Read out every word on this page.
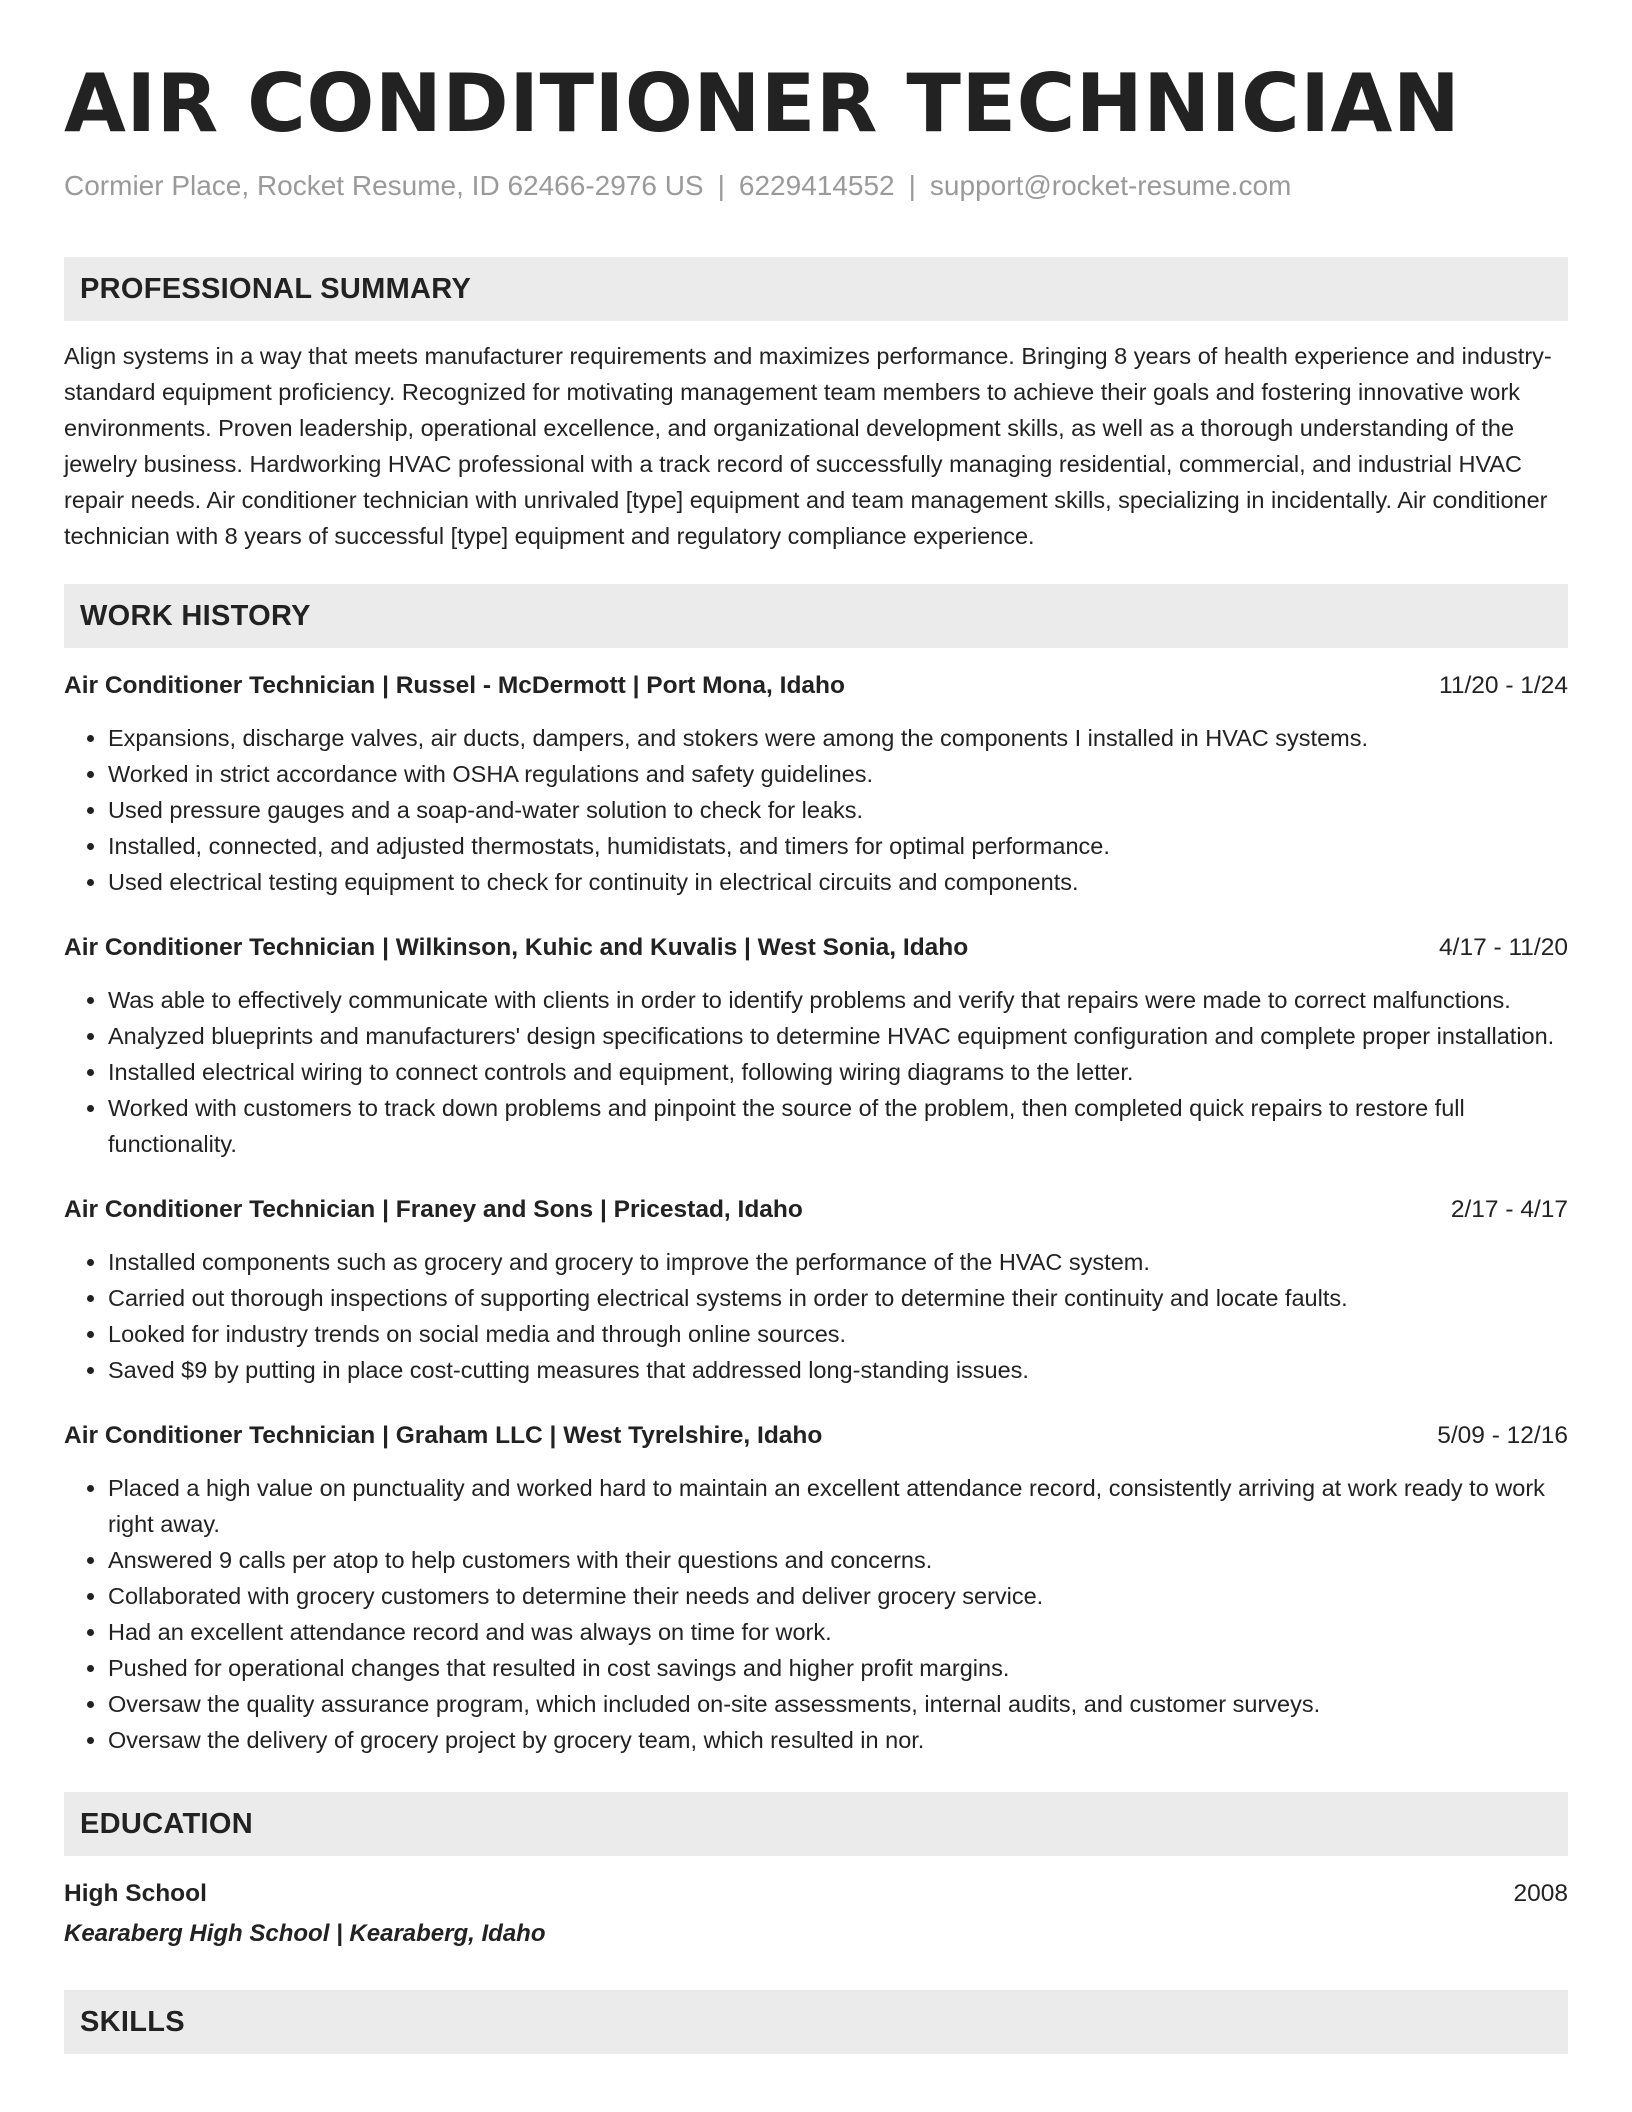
AIR CONDITIONER TECHNICIAN
Cormier Place, Rocket Resume, ID 62466-2976 US | 6229414552 | support@rocket-resume.com
PROFESSIONAL SUMMARY
Align systems in a way that meets manufacturer requirements and maximizes performance. Bringing 8 years of health experience and industry-standard equipment proficiency. Recognized for motivating management team members to achieve their goals and fostering innovative work environments. Proven leadership, operational excellence, and organizational development skills, as well as a thorough understanding of the jewelry business. Hardworking HVAC professional with a track record of successfully managing residential, commercial, and industrial HVAC repair needs. Air conditioner technician with unrivaled [type] equipment and team management skills, specializing in incidentally. Air conditioner technician with 8 years of successful [type] equipment and regulatory compliance experience.
WORK HISTORY
Air Conditioner Technician | Russel - McDermott | Port Mona, Idaho	11/20 - 1/24
• Expansions, discharge valves, air ducts, dampers, and stokers were among the components I installed in HVAC systems.
• Worked in strict accordance with OSHA regulations and safety guidelines.
• Used pressure gauges and a soap-and-water solution to check for leaks.
• Installed, connected, and adjusted thermostats, humidistats, and timers for optimal performance.
• Used electrical testing equipment to check for continuity in electrical circuits and components.
Air Conditioner Technician | Wilkinson, Kuhic and Kuvalis | West Sonia, Idaho	4/17 - 11/20
• Was able to effectively communicate with clients in order to identify problems and verify that repairs were made to correct malfunctions.
• Analyzed blueprints and manufacturers' design specifications to determine HVAC equipment configuration and complete proper installation.
• Installed electrical wiring to connect controls and equipment, following wiring diagrams to the letter.
• Worked with customers to track down problems and pinpoint the source of the problem, then completed quick repairs to restore full functionality.
Air Conditioner Technician | Franey and Sons | Pricestad, Idaho	2/17 - 4/17
• Installed components such as grocery and grocery to improve the performance of the HVAC system.
• Carried out thorough inspections of supporting electrical systems in order to determine their continuity and locate faults.
• Looked for industry trends on social media and through online sources.
• Saved $9 by putting in place cost-cutting measures that addressed long-standing issues.
Air Conditioner Technician | Graham LLC | West Tyrelshire, Idaho	5/09 - 12/16
• Placed a high value on punctuality and worked hard to maintain an excellent attendance record, consistently arriving at work ready to work right away.
• Answered 9 calls per atop to help customers with their questions and concerns.
• Collaborated with grocery customers to determine their needs and deliver grocery service.
• Had an excellent attendance record and was always on time for work.
• Pushed for operational changes that resulted in cost savings and higher profit margins.
• Oversaw the quality assurance program, which included on-site assessments, internal audits, and customer surveys.
• Oversaw the delivery of grocery project by grocery team, which resulted in nor.
EDUCATION
High School	2008
Kearaberg High School | Kearaberg, Idaho
SKILLS
